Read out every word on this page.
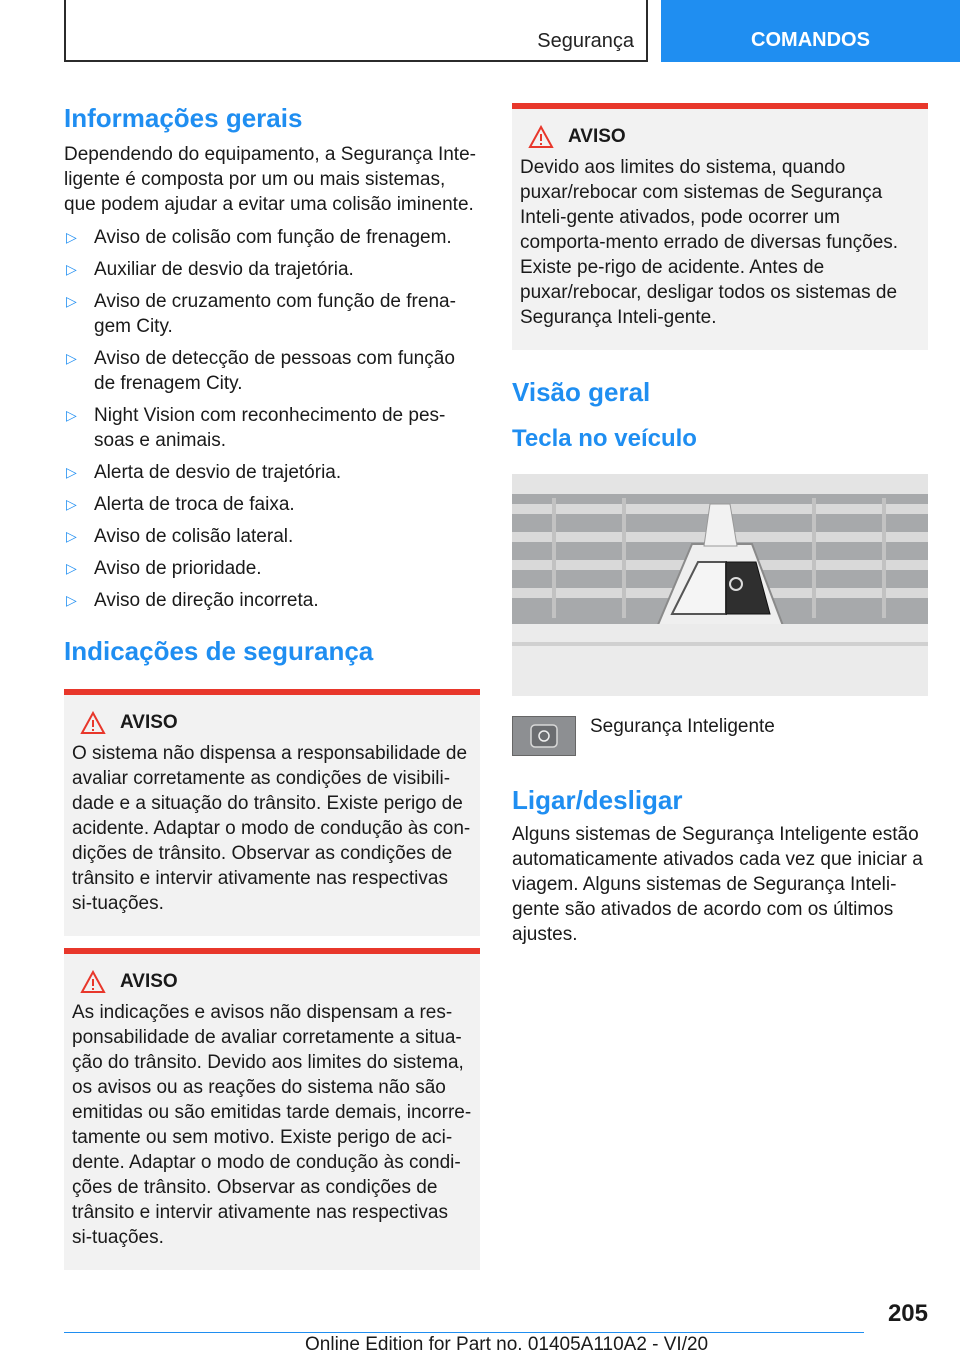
Segurança	COMANDOS
Informações gerais

Dependendo do equipamento, a Segurança Inte‐ligente é composta por um ou mais sistemas, que podem ajudar a evitar uma colisão iminente.

▷ Aviso de colisão com função de frenagem.
▷ Auxiliar de desvio da trajetória.
▷ Aviso de cruzamento com função de frena‐gem City.
▷ Aviso de detecção de pessoas com função de frenagem City.
▷ Night Vision com reconhecimento de pes‐soas e animais.
▷ Alerta de desvio de trajetória.
▷ Alerta de troca de faixa.
▷ Aviso de colisão lateral.
▷ Aviso de prioridade.
▷ Aviso de direção incorreta.
Indicações de segurança
AVISO

O sistema não dispensa a responsabilidade de avaliar corretamente as condições de visibili‐dade e a situação do trânsito. Existe perigo de acidente. Adaptar o modo de condução às con‐dições de trânsito. Observar as condições de trânsito e intervir ativamente nas respectivas si‐tuações.

AVISO

As indicações e avisos não dispensam a res‐ponsabilidade de avaliar corretamente a situa‐ção do trânsito. Devido aos limites do sistema, os avisos ou as reações do sistema não são emitidas ou são emitidas tarde demais, incorre‐tamente ou sem motivo. Existe perigo de aci‐dente. Adaptar o modo de condução às condi‐ções de trânsito. Observar as condições de trânsito e intervir ativamente nas respectivas si‐tuações.

AVISO

Devido aos limites do sistema, quando puxar/rebocar com sistemas de Segurança Inteli‐gente ativados, pode ocorrer um comporta‐mento errado de diversas funções. Existe pe‐rigo de acidente. Antes de puxar/rebocar, desligar todos os sistemas de Segurança Inteli‐gente.

Visão geral
Tecla no veículo
Segurança Inteligente
Ligar/desligar

Alguns sistemas de Segurança Inteligente estão automaticamente ativados cada vez que iniciar a viagem. Alguns sistemas de Segurança Inteli‐gente são ativados de acordo com os últimos ajustes.

205
Online Edition for Part no. 01405A110A2 - VI/20
